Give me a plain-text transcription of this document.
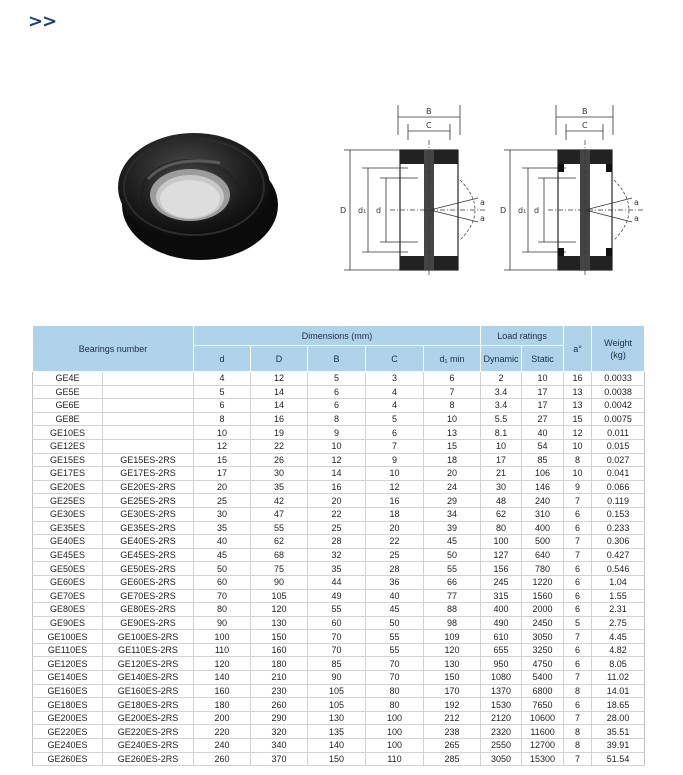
>>
B
C
D d₁ d
a
a
B
C
D d₁ d
a
a
Bearings number		Dimensions (mm)					Load ratings		a°	Weight
(kg)
		d	D	B	C	d₁ min	Dynamic	Static		
GE4E		4	12	5	3	6	2	10	16	0.0033
GE5E		5	14	6	4	7	3.4	17	13	0.0038
GE6E		6	14	6	4	8	3.4	17	13	0.0042
GE8E		8	16	8	5	10	5.5	27	15	0.0075
GE10ES		10	19	9	6	13	8.1	40	12	0.011
GE12ES		12	22	10	7	15	10	54	10	0.015
GE15ES	GE15ES-2RS	15	26	12	9	18	17	85	8	0.027
GE17ES	GE17ES-2RS	17	30	14	10	20	21	106	10	0.041
GE20ES	GE20ES-2RS	20	35	16	12	24	30	146	9	0.066
GE25ES	GE25ES-2RS	25	42	20	16	29	48	240	7	0.119
GE30ES	GE30ES-2RS	30	47	22	18	34	62	310	6	0.153
GE35ES	GE35ES-2RS	35	55	25	20	39	80	400	6	0.233
GE40ES	GE40ES-2RS	40	62	28	22	45	100	500	7	0.306
GE45ES	GE45ES-2RS	45	68	32	25	50	127	640	7	0.427
GE50ES	GE50ES-2RS	50	75	35	28	55	156	780	6	0.546
GE60ES	GE60ES-2RS	60	90	44	36	66	245	1220	6	1.04
GE70ES	GE70ES-2RS	70	105	49	40	77	315	1560	6	1.55
GE80ES	GE80ES-2RS	80	120	55	45	88	400	2000	6	2.31
GE90ES	GE90ES-2RS	90	130	60	50	98	490	2450	5	2.75
GE100ES	GE100ES-2RS	100	150	70	55	109	610	3050	7	4.45
GE110ES	GE110ES-2RS	110	160	70	55	120	655	3250	6	4.82
GE120ES	GE120ES-2RS	120	180	85	70	130	950	4750	6	8.05
GE140ES	GE140ES-2RS	140	210	90	70	150	1080	5400	7	11.02
GE160ES	GE160ES-2RS	160	230	105	80	170	1370	6800	8	14.01
GE180ES	GE180ES-2RS	180	260	105	80	192	1530	7650	6	18.65
GE200ES	GE200ES-2RS	200	290	130	100	212	2120	10600	7	28.00
GE220ES	GE220ES-2RS	220	320	135	100	238	2320	11600	8	35.51
GE240ES	GE240ES-2RS	240	340	140	100	265	2550	12700	8	39.91
GE260ES	GE260ES-2RS	260	370	150	110	285	3050	15300	7	51.54
